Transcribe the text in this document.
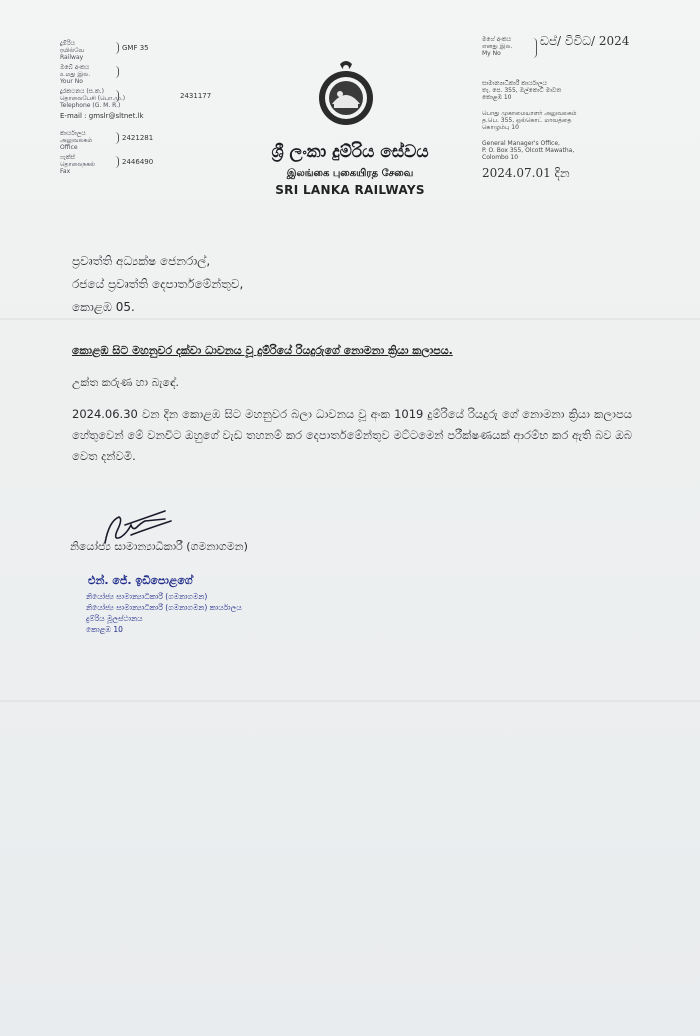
දුම්රිය
ரயில்வே
Railway
GMF 35
ඔබේ අංකය
உமது இல.
Your No
දුරකථනය (ස.ක.)
தொலைபேசி (பொ.மு.)
Telephone (G. M. R.)
2431177
E-mail : gmslr@sltnet.lk
කාර්යාලය
அலுவலகம்
Office
2421281
ෆැක්ස්
தொலைநகல்
Fax
2446490	ශ්‍රී ලංකා දුම්රිය සේවය
இலங்கை புகையிரத சேவை
SRI LANKA RAILWAYS
මගේ අංකය
எனது இல.
My No
ඩප්/ විවිධ/ 2024
සාමාන්‍යාධිකාරී කාර්යාලය
තැ. පෙ. 355, ඔල්කොට් මාවත
කොළඹ 10
பொது முகாமையாளர் அலுவலகம்
த.பெ. 355, ஒல்கொட் மாவத்தை
கொழும்பு 10
General Manager's Office,
P. O. Box 355, Olcott Mawatha,
Colombo 10
2024.07.01 දින
ප්‍රවෘත්ති අධ්‍යක්ෂ ජෙනරාල්,
රජයේ ප්‍රවෘත්ති දෙපාර්තමේන්තුව,
කොළඹ 05.
කොළඹ සිට මහනුවර දක්වා ධාවනය වූ දුම්රියේ රියදුරුගේ නොමනා ක්‍රියා කලාපය.
උක්ත කරුණ හා බැඳේ.
2024.06.30 වන දින කොළඹ සිට මහනුවර බලා ධාවනය වූ අංක 1019 දුම්රියේ රියදුරු ගේ නොමනා ක්‍රියා කලාපය හේතුවෙන් මේ වනවිට ඔහුගේ වැඩ තහනම් කර දෙපාර්තමේන්තුව මට්ටමෙන් පරීක්ෂණයක් ආරම්භ කර ඇති බව ඔබ වෙත දන්වමි.
නියෝජ්‍ය සාමාන්‍යාධිකාරී (ගමනාගමන)
එන්. ජේ. ඉඩිපොළගේ
නියෝජ්‍ය සාමාන්‍යාධිකාරී (ගමනාගමන)
නියෝජ්‍ය සාමාන්‍යාධිකාරී (ගමනාගමන) කාර්යාලය
දුම්රිය මූලස්ථානය
කොළඹ 10
